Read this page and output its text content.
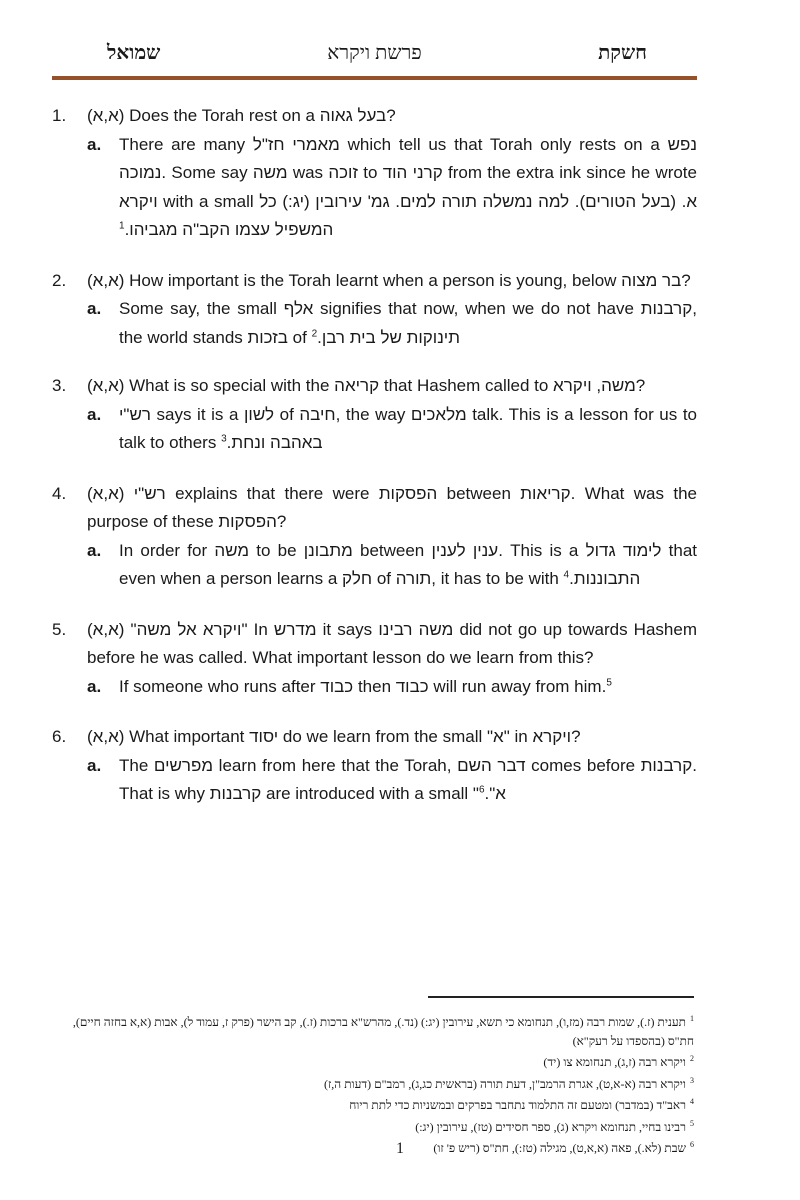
שמואל	פרשת ויקרא	חשקת
1. (א,א) Does the Torah rest on a בעל גאוה?
a. There are many מאמרי חז"ל which tell us that Torah only rests on a נפש נמוכה. Some say משה was זוכה to קרני הוד from the extra ink since he wrote ויקרא with a small א. (בעל הטורים). למה נמשלה תורה למים. גמ' עירובין (יג:) כל המשפיל עצמו הקב"ה מגביהו.$^1$
2. (א,א) How important is the Torah learnt when a person is young, below בר מצוה?
a. Some say, the small אלף signifies that now, when we do not have קרבנות, the world stands בזכות of תינוקות של בית רבן.$^2$
3. (א,א) What is so special with the קריאה that Hashem called to משה, ויקרא?
a. רש"י says it is a לשון of חיבה, the way מלאכים talk. This is a lesson for us to talk to others באהבה ונחת.$^3$
4. (א,א) רש"י explains that there were הפסקות between קריאות. What was the purpose of these הפסקות?
a. In order for משה to be מתבונן between ענין לענין. This is a לימוד גדול that even when a person learns a חלק of תורה, it has to be with התבוננות.$^4$
5. (א,א) "ויקרא אל משה" In מדרש it says משה רבינו did not go up towards Hashem before he was called. What important lesson do we learn from this?
a. If someone who runs after כבוד then כבוד will run away from him.$^5$
6. (א,א) What important יסוד do we learn from the small "א" in ויקרא?
a. The מפרשים learn from here that the Torah, דבר השם comes before קרבנות. That is why קרבנות are introduced with a small "א".$^6$
$^1$תענית (ז.), שמות רבה (מז,ו), תנחומא כי תשא, עירובין (יג:) (נד.), מהרש"א ברכות (ז.), קב הישר (פרק ז, עמוד ל), אבות (א,א בחזה חיים), חת"ס (בהספדו על רעק"א)
$^2$ויקרא רבה (ז,ג), תנחומא צו (יד)
$^3$ויקרא רבה (א-א,ט), אגרת הרמב"ן, דעת תורה (בראשית כג,ג), רמב"ם (דעות ה,ז)
$^4$ראב"ד (במדבר) ומטעם זה התלמוד נתחבר בפרקים ובמשניות כדי לתת ריוח
$^5$רבינו בחיי, תנחומא ויקרא (ג), ספר חסידים (טז), עירובין (יג:)
$^6$שבת (לא.), פאה (א,א,ט), מגילה (טז:), חת"ס (ריש פ' זו)
1
